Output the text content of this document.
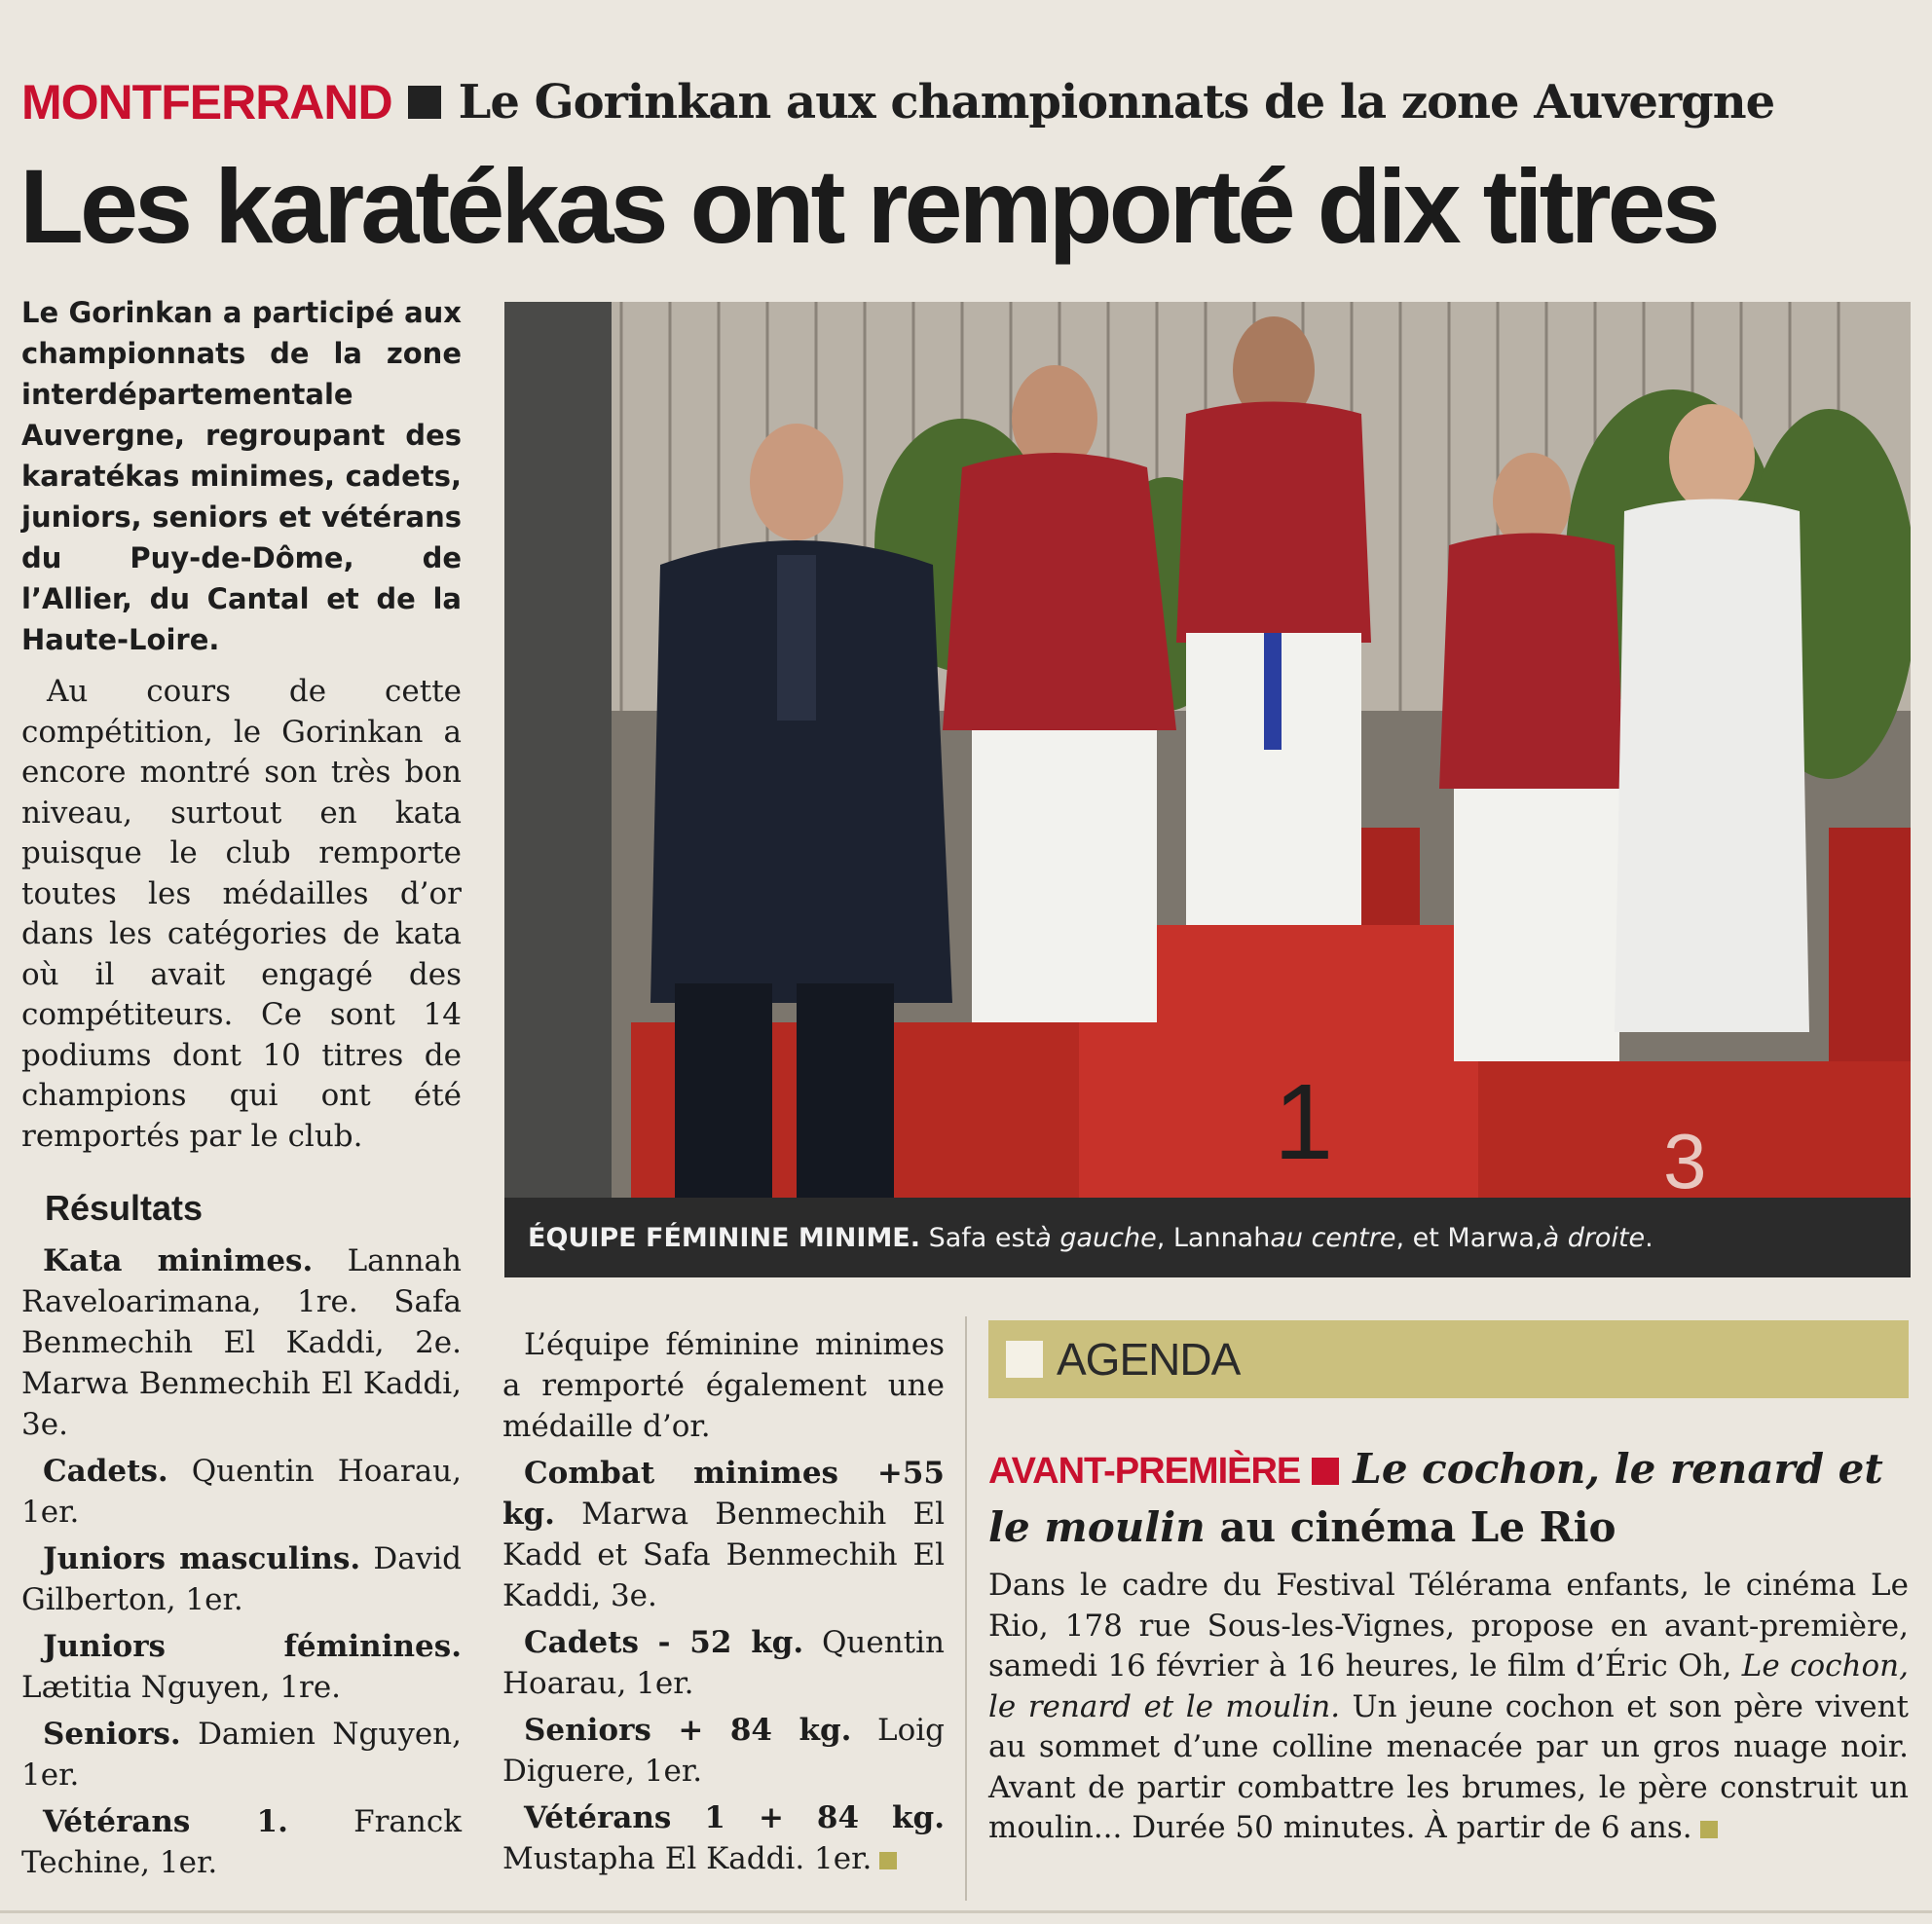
MONTFERRAND Le Gorinkan aux championnats de la zone Auvergne
Les karatékas ont remporté dix titres
Le Gorinkan a participé aux championnats de la zone interdépartementale Auvergne, regroupant des karatékas minimes, cadets, juniors, seniors et vétérans du Puy-de-Dôme, de l’Allier, du Cantal et de la Haute-Loire.
Au cours de cette compétition, le Gorinkan a encore montré son très bon niveau, surtout en kata puisque le club remporte toutes les médailles d’or dans les catégories de kata où il avait engagé des compétiteurs. Ce sont 14 podiums dont 10 titres de champions qui ont été remportés par le club.
Résultats

Kata minimes. Lannah Raveloarimana, 1re. Safa Benmechih El Kaddi, 2e. Marwa Benmechih El Kaddi, 3e.

Cadets. Quentin Hoarau, 1er.

Juniors masculins. David Gilberton, 1er.

Juniors féminines. Lætitia Nguyen, 1re.

Seniors. Damien Nguyen, 1er.

Vétérans 1. Franck Techine, 1er.

L’équipe féminine minimes a remporté également une médaille d’or.

Combat minimes +55 kg. Marwa Benmechih El Kadd et Safa Benmechih El Kaddi, 3e.

Cadets - 52 kg. Quentin Hoarau, 1er.

Seniors + 84 kg. Loig Diguere, 1er.

Vétérans 1 + 84 kg. Mustapha El Kaddi. 1er.

1	3
ÉQUIPE FÉMININE MINIME.
Safa est à gauche , Lannah au centre , et Marwa, à droite .
AGENDA
AVANT-PREMIÈRE Le cochon, le renard et le moulin au cinéma Le Rio
Dans le cadre du Festival Télérama enfants, le cinéma Le Rio, 178 rue Sous-les-Vignes, propose en avant-première, samedi 16 février à 16 heures, le film d’Éric Oh, Le cochon, le renard et le moulin. Un jeune cochon et son père vivent au sommet d’une colline menacée par un gros nuage noir. Avant de partir combattre les brumes, le père construit un moulin... Durée 50 minutes. À partir de 6 ans.
